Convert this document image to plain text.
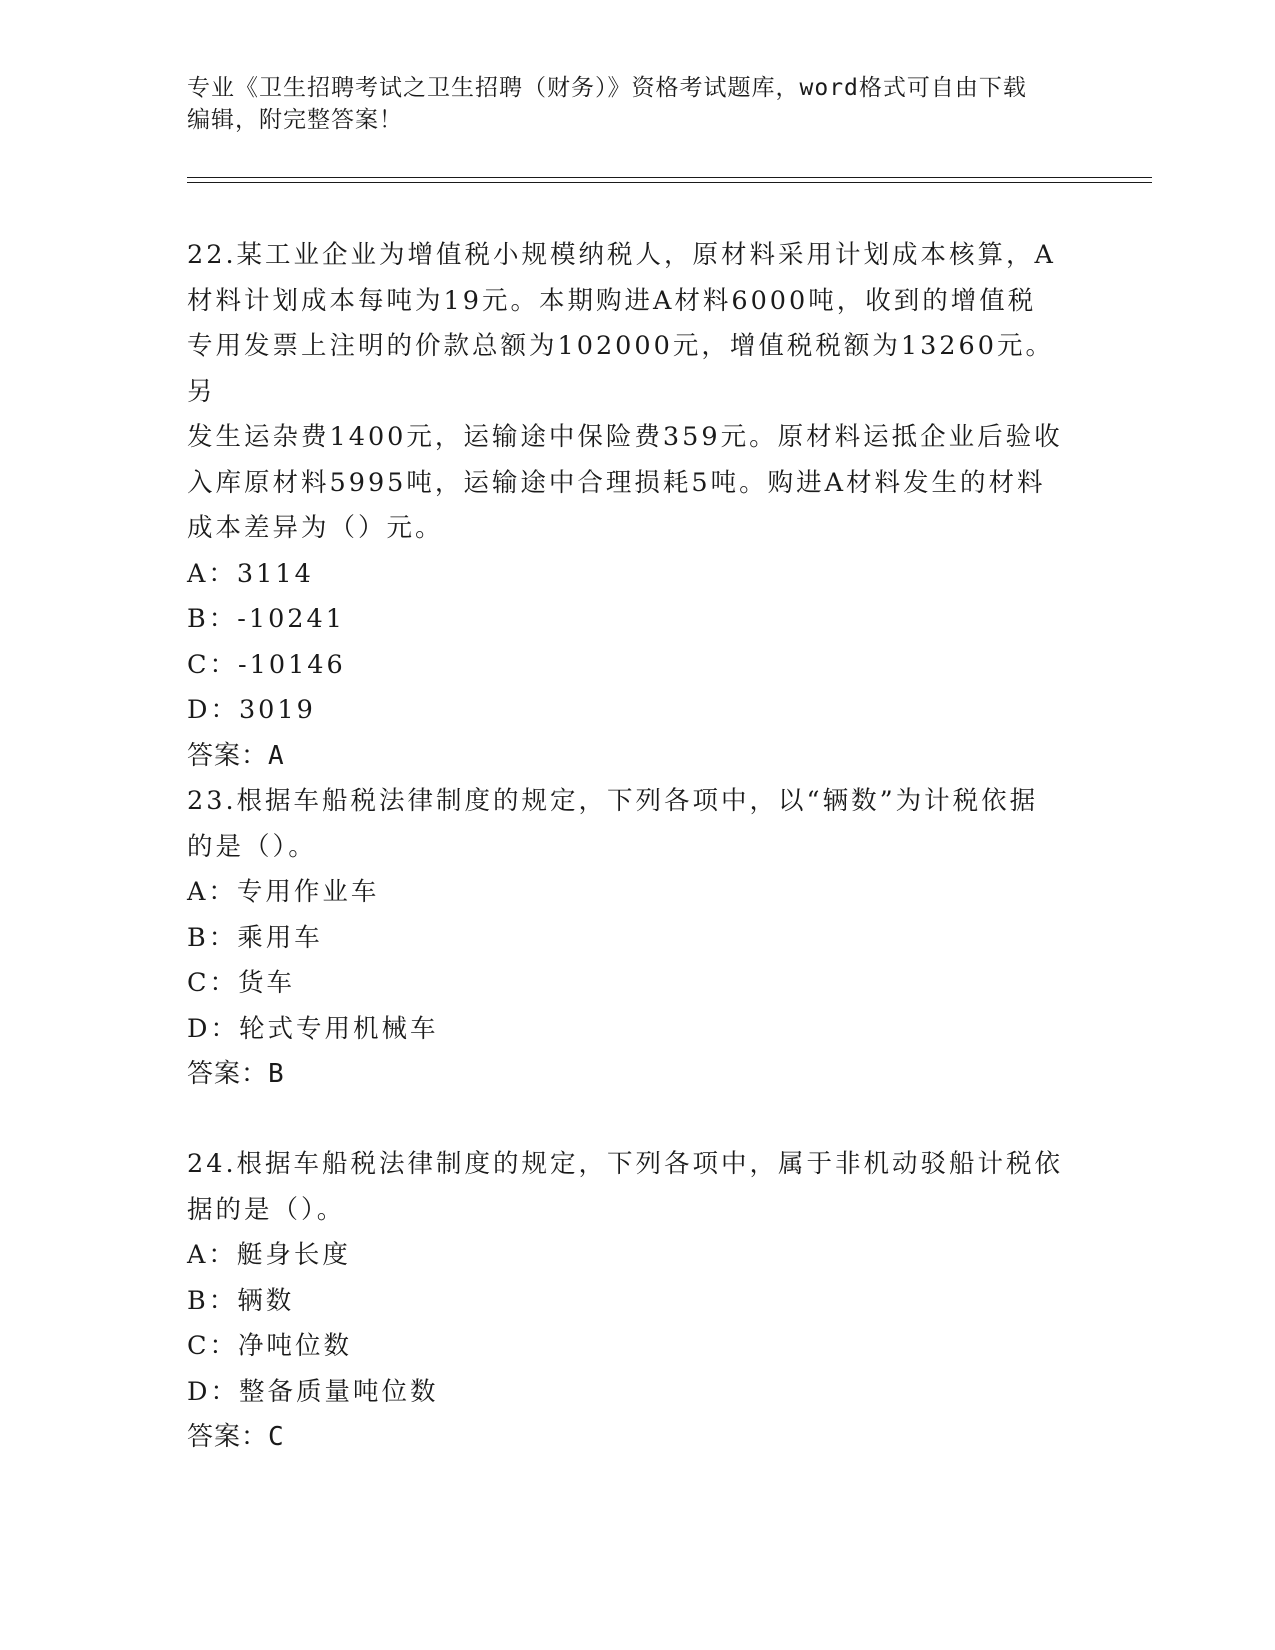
专业《卫生招聘考试之卫生招聘（财务）》资格考试题库，word格式可自由下载
编辑，附完整答案！
22.某工业企业为增值税小规模纳税人，原材料采用计划成本核算，A
材料计划成本每吨为19元。本期购进A材料6000吨，收到的增值税
专用发票上注明的价款总额为102000元，增值税税额为13260元。另
发生运杂费1400元，运输途中保险费359元。原材料运抵企业后验收
入库原材料5995吨，运输途中合理损耗5吨。购进A材料发生的材料
成本差异为（）元。
A：3114
B：-10241
C：-10146
D：3019
答案：A
23.根据车船税法律制度的规定，下列各项中，以“辆数”为计税依据
的是（）。
A：专用作业车
B：乘用车
C：货车
D：轮式专用机械车
答案：B
24.根据车船税法律制度的规定，下列各项中，属于非机动驳船计税依
据的是（）。
A：艇身长度
B：辆数
C：净吨位数
D：整备质量吨位数
答案：C
